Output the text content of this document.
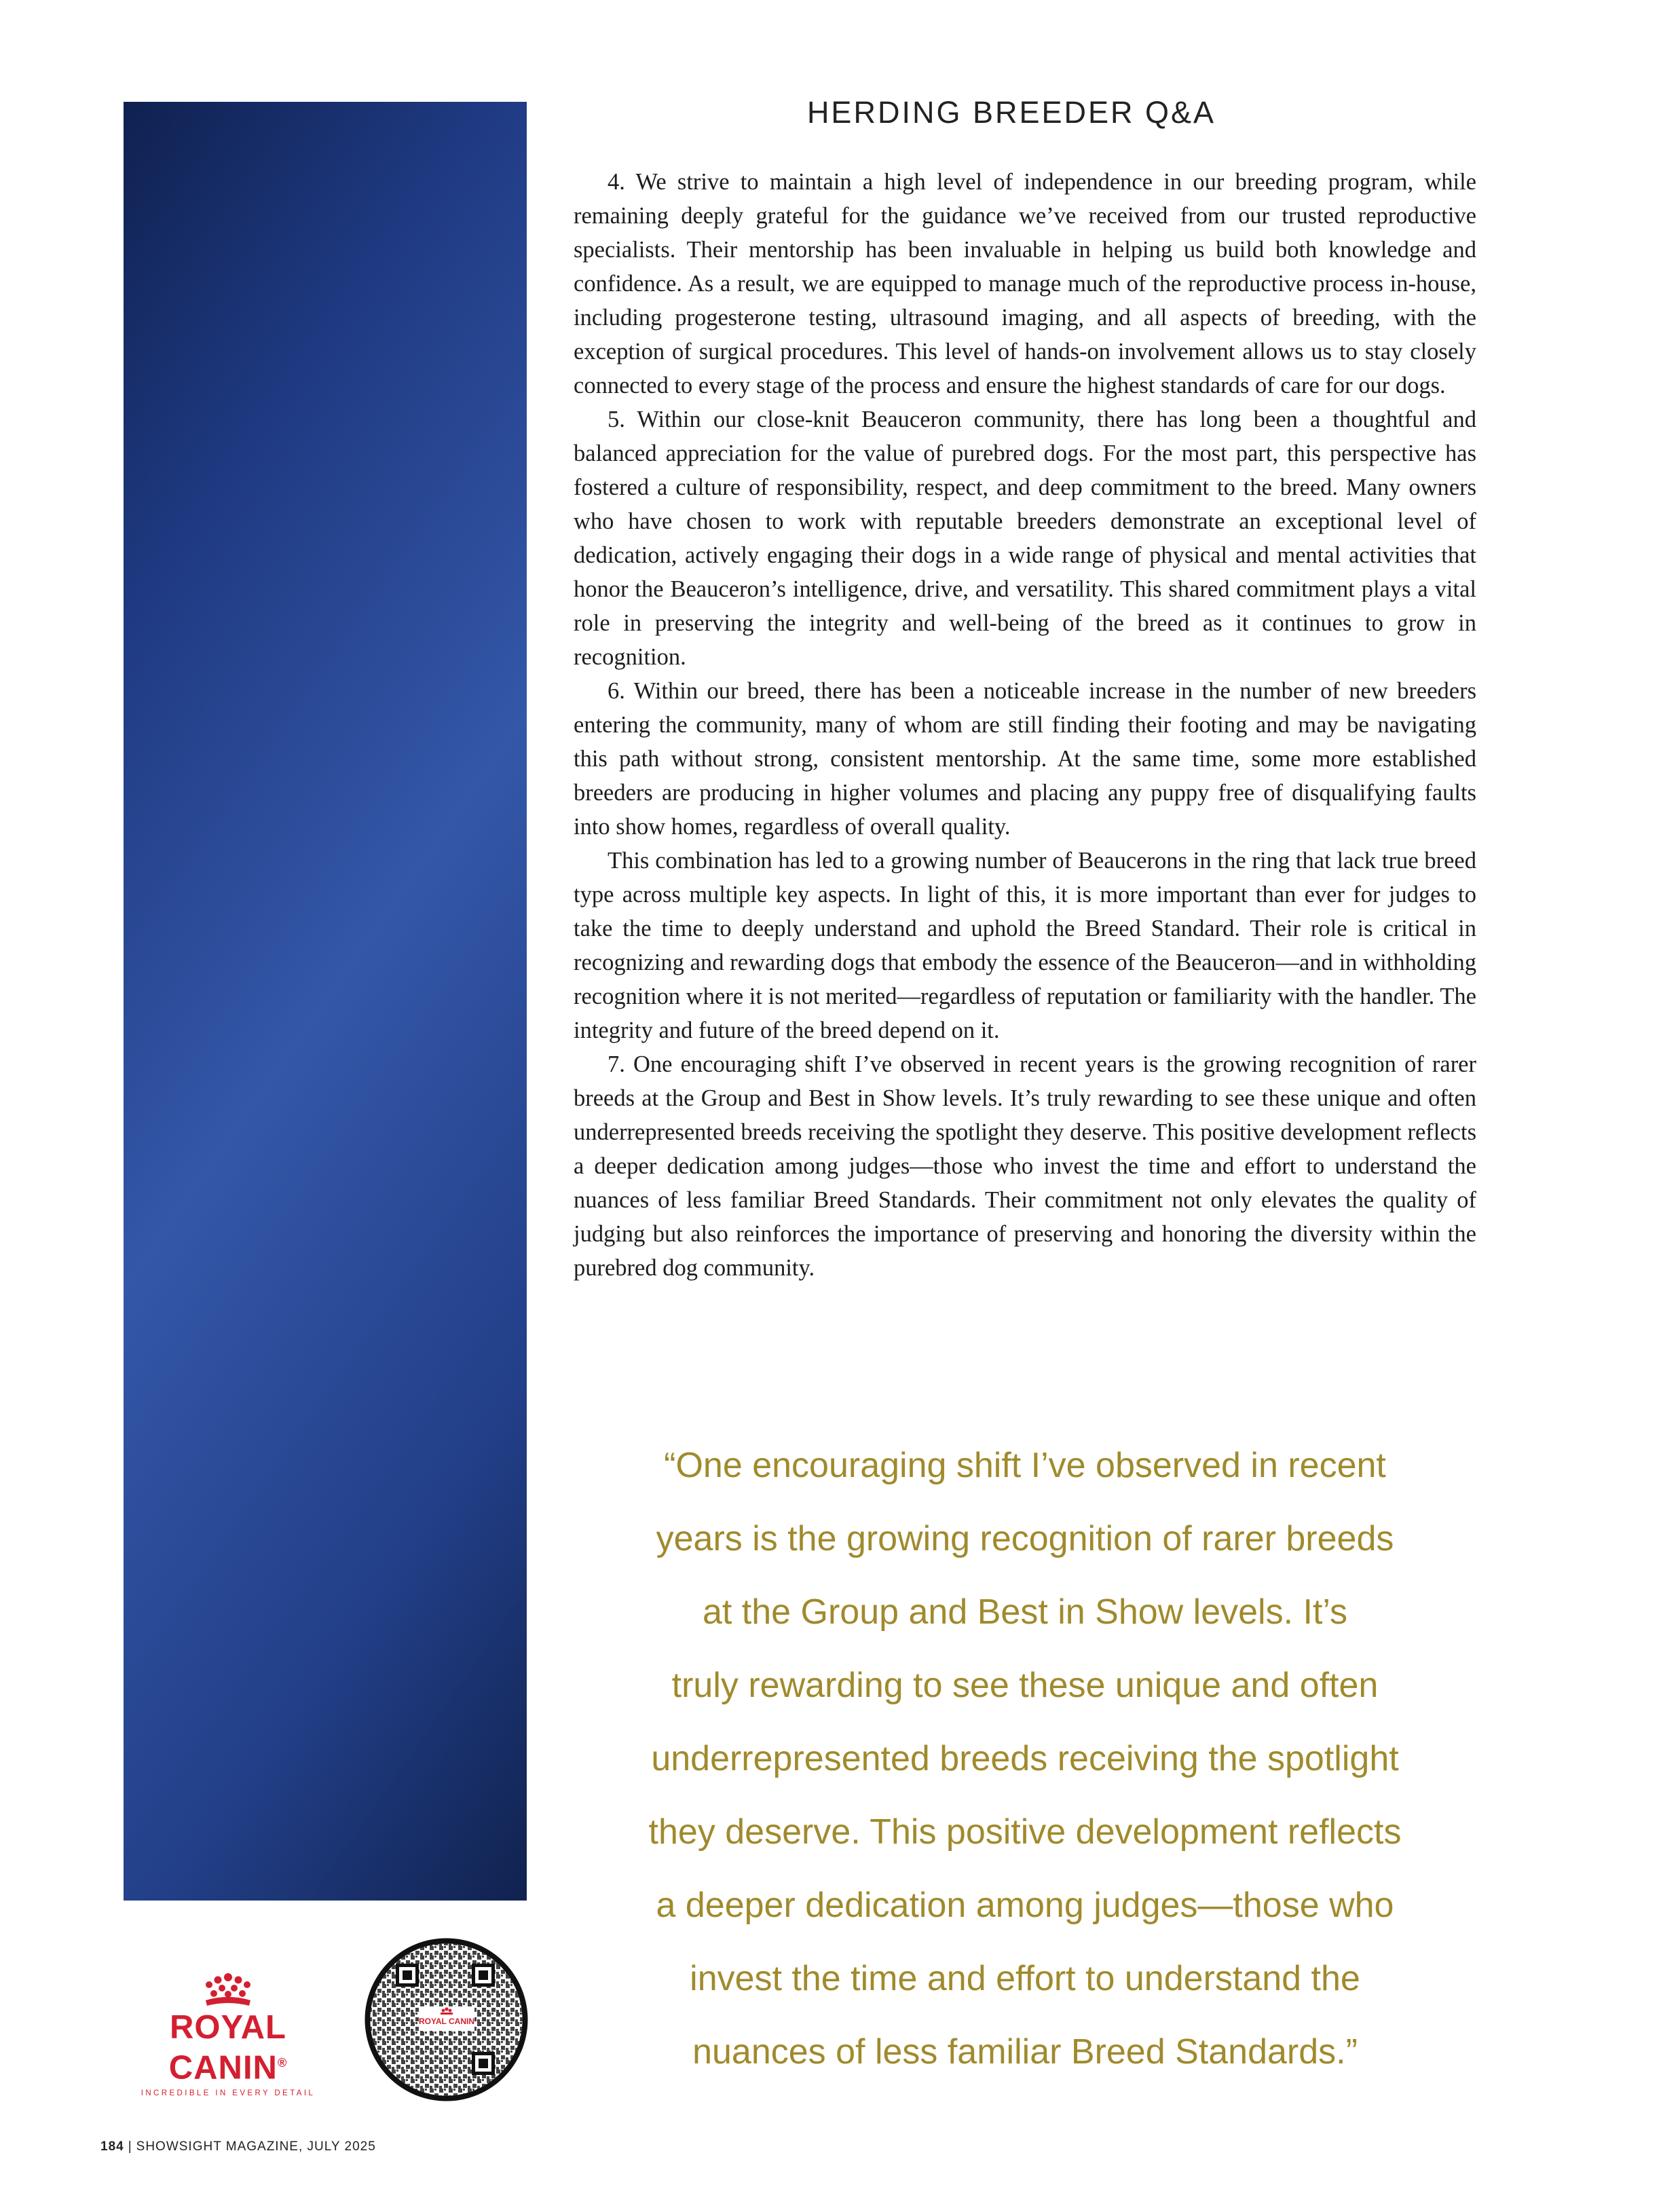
HERDING BREEDER Q&A

4. We strive to maintain a high level of independence in our breeding program, while remaining deeply grateful for the guidance we’ve received from our trusted reproductive specialists. Their mentorship has been invaluable in helping us build both knowledge and confidence. As a result, we are equipped to manage much of the reproductive process in-house, including progesterone testing, ultrasound imaging, and all aspects of breeding, with the exception of surgical procedures. This level of hands-on involvement allows us to stay closely connected to every stage of the process and ensure the highest standards of care for our dogs.

5. Within our close-knit Beauceron community, there has long been a thoughtful and balanced appreciation for the value of purebred dogs. For the most part, this perspective has fostered a culture of responsibility, respect, and deep commitment to the breed. Many owners who have chosen to work with reputable breeders demonstrate an exceptional level of dedication, actively engaging their dogs in a wide range of physical and mental activities that honor the Beauceron’s intelligence, drive, and versatility. This shared commitment plays a vital role in preserving the integrity and well-being of the breed as it continues to grow in recognition.

6. Within our breed, there has been a noticeable increase in the number of new breeders entering the community, many of whom are still finding their footing and may be navigating this path without strong, consistent mentorship. At the same time, some more established breeders are producing in higher volumes and placing any puppy free of disqualifying faults into show homes, regardless of overall quality.

This combination has led to a growing number of Beaucerons in the ring that lack true breed type across multiple key aspects. In light of this, it is more important than ever for judges to take the time to deeply understand and uphold the Breed Standard. Their role is critical in recognizing and rewarding dogs that embody the essence of the Beauceron—and in withholding recognition where it is not merited—regardless of reputation or familiarity with the handler. The integrity and future of the breed depend on it.

7. One encouraging shift I’ve observed in recent years is the growing recognition of rarer breeds at the Group and Best in Show levels. It’s truly rewarding to see these unique and often underrepresented breeds receiving the spotlight they deserve. This positive development reflects a deeper dedication among judges—those who invest the time and effort to understand the nuances of less familiar Breed Standards. Their commitment not only elevates the quality of judging but also reinforces the importance of preserving and honoring the diversity within the purebred dog community.

“One encouraging shift I’ve observed in recent
years is the growing recognition of rarer breeds
at the Group and Best in Show levels. It’s
truly rewarding to see these unique and often
underrepresented breeds receiving the spotlight
they deserve. This positive development reflects
a deeper dedication among judges—those who
invest the time and effort to understand the
nuances of less familiar Breed Standards.”
ROYAL CANIN®
INCREDIBLE IN EVERY DETAIL
ROYAL CANIN
184 | SHOWSIGHT MAGAZINE, JULY 2025
